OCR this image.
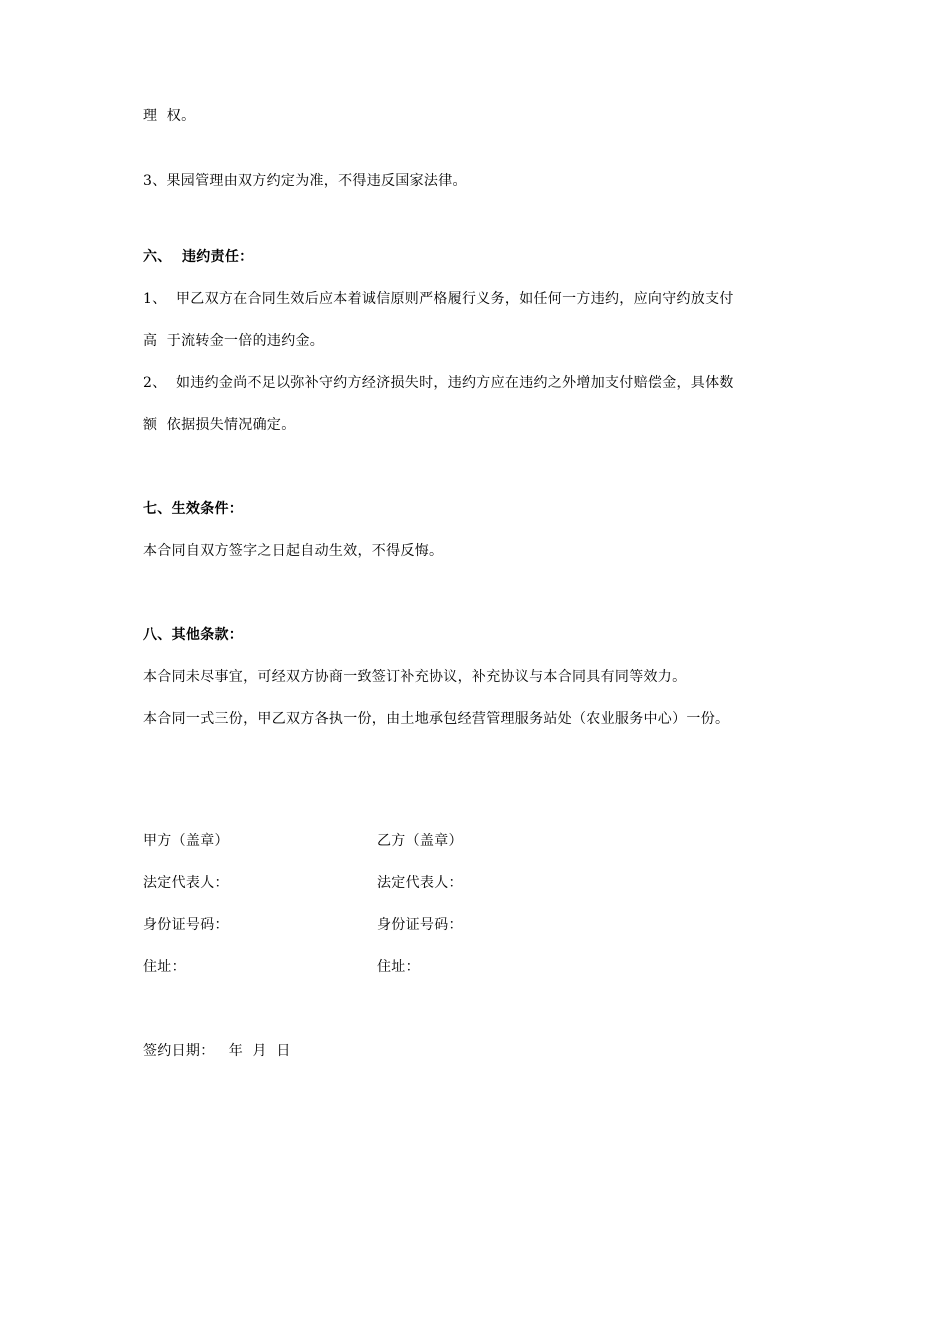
理  权。
3、果园管理由双方约定为准，不得违反国家法律。
六、  违约责任：
1、  甲乙双方在合同生效后应本着诚信原则严格履行义务，如任何一方违约，应向守约放支付
高  于流转金一倍的违约金。
2、  如违约金尚不足以弥补守约方经济损失时，违约方应在违约之外增加支付赔偿金，具体数
额  依据损失情况确定。
七、生效条件：
本合同自双方签字之日起自动生效，不得反悔。
八、其他条款：
本合同未尽事宜，可经双方协商一致签订补充协议，补充协议与本合同具有同等效力。
本合同一式三份，甲乙双方各执一份，由土地承包经营管理服务站处（农业服务中心）一份。
甲方（盖章）	乙方（盖章）
法定代表人：	法定代表人：
身份证号码：	身份证号码：
住址：	住址：
签约日期：   年  月  日
